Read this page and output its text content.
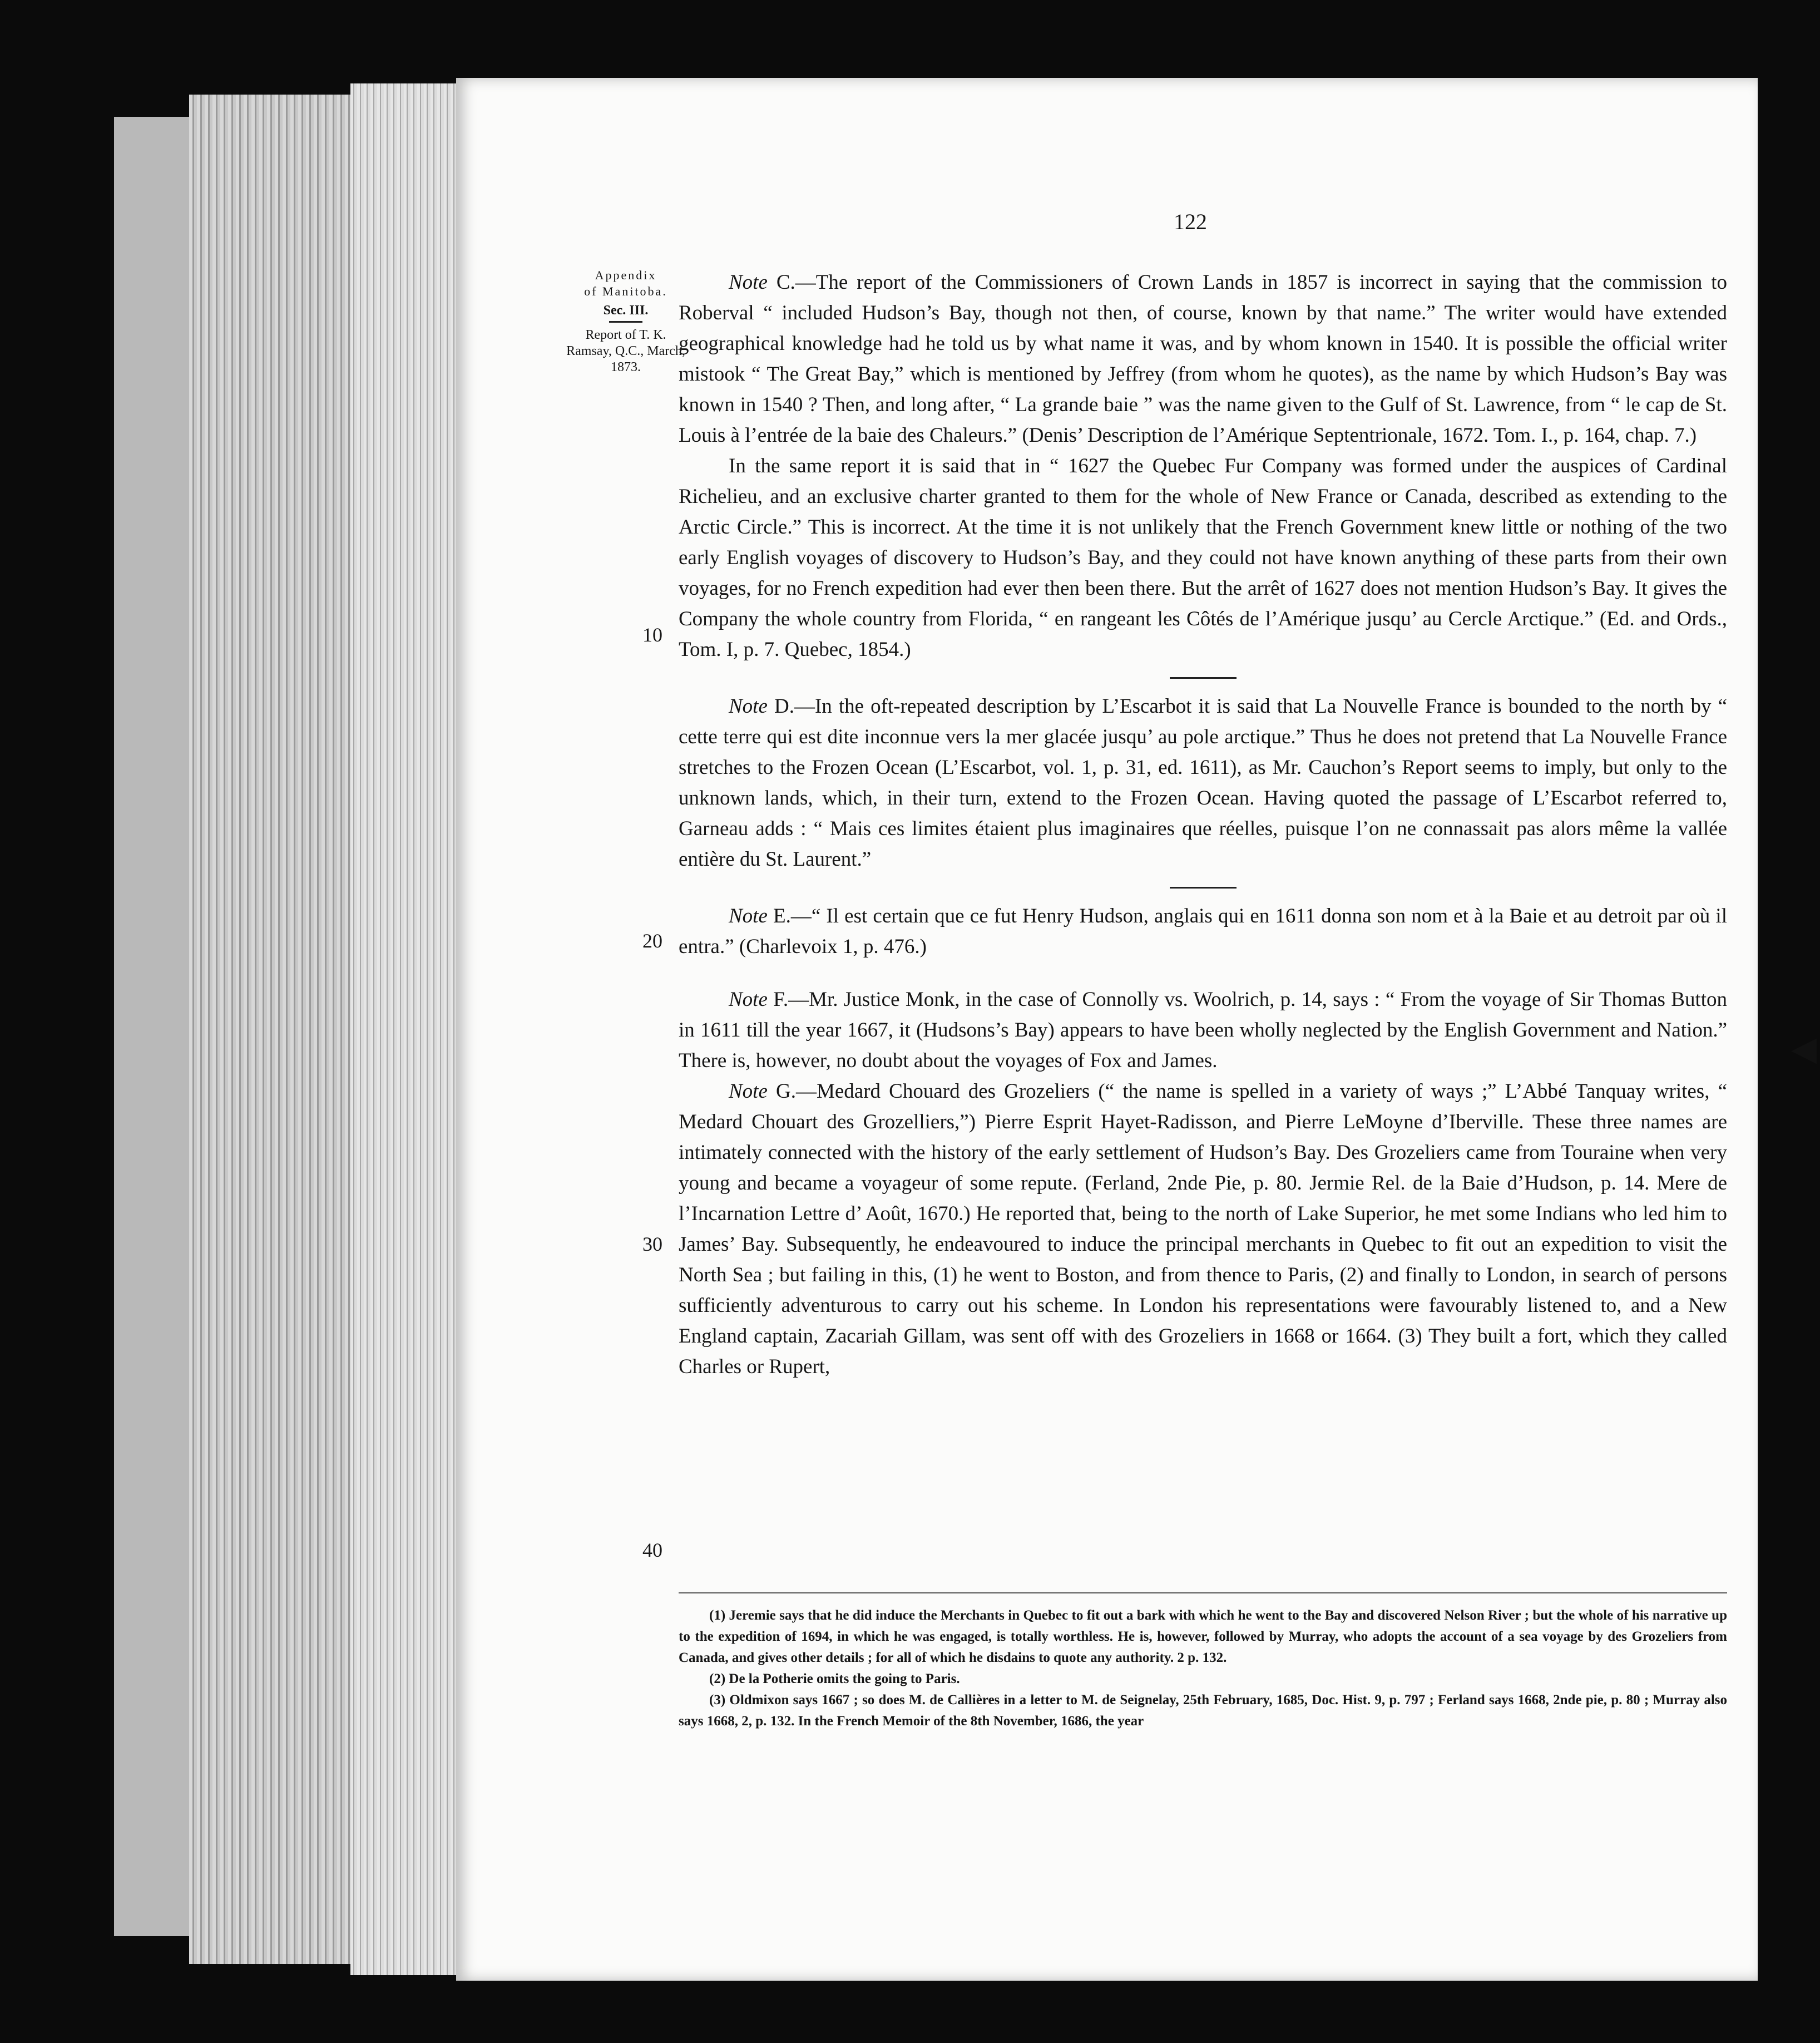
122
Appendix
of Manitoba.
Sec. III.
Report of T. K. Ramsay, Q.C., March, 1873.
10
20
30
40

Note C.—The report of the Commissioners of Crown Lands in 1857 is incorrect in saying that the commission to Roberval “ included Hudson’s Bay, though not then, of course, known by that name.” The writer would have extended geographical knowledge had he told us by what name it was, and by whom known in 1540. It is possible the official writer mistook “ The Great Bay,” which is mentioned by Jeffrey (from whom he quotes), as the name by which Hudson’s Bay was known in 1540 ? Then, and long after, “ La grande baie ” was the name given to the Gulf of St. Lawrence, from “ le cap de St. Louis à l’entrée de la baie des Chaleurs.” (Denis’ Description de l’Amérique Septentrionale, 1672. Tom. I., p. 164, chap. 7.)

In the same report it is said that in “ 1627 the Quebec Fur Company was formed under the auspices of Cardinal Richelieu, and an exclusive charter granted to them for the whole of New France or Canada, described as extending to the Arctic Circle.” This is incorrect. At the time it is not unlikely that the French Government knew little or nothing of the two early English voyages of discovery to Hudson’s Bay, and they could not have known anything of these parts from their own voyages, for no French expedition had ever then been there. But the arrêt of 1627 does not mention Hudson’s Bay. It gives the Company the whole country from Florida, “ en rangeant les Côtés de l’Amérique jusqu’ au Cercle Arctique.” (Ed. and Ords., Tom. I, p. 7. Quebec, 1854.)

Note D.—In the oft-repeated description by L’Escarbot it is said that La Nouvelle France is bounded to the north by “ cette terre qui est dite inconnue vers la mer glacée jusqu’ au pole arctique.” Thus he does not pretend that La Nouvelle France stretches to the Frozen Ocean (L’Escarbot, vol. 1, p. 31, ed. 1611), as Mr. Cauchon’s Report seems to imply, but only to the unknown lands, which, in their turn, extend to the Frozen Ocean. Having quoted the passage of L’Escarbot referred to, Garneau adds : “ Mais ces limites étaient plus imaginaires que réelles, puisque l’on ne connassait pas alors même la vallée entière du St. Laurent.”

Note E.—“ Il est certain que ce fut Henry Hudson, anglais qui en 1611 donna son nom et à la Baie et au detroit par où il entra.” (Charlevoix 1, p. 476.)

Note F.—Mr. Justice Monk, in the case of Connolly vs. Woolrich, p. 14, says : “ From the voyage of Sir Thomas Button in 1611 till the year 1667, it (Hudsons’s Bay) appears to have been wholly neglected by the English Government and Nation.” There is, however, no doubt about the voyages of Fox and James.

Note G.—Medard Chouard des Grozeliers (“ the name is spelled in a variety of ways ;” L’Abbé Tanquay writes, “ Medard Chouart des Grozelliers,”) Pierre Esprit Hayet-Radisson, and Pierre LeMoyne d’Iberville. These three names are intimately connected with the history of the early settlement of Hudson’s Bay. Des Grozeliers came from Touraine when very young and became a voyageur of some repute. (Ferland, 2nde Pie, p. 80. Jermie Rel. de la Baie d’Hudson, p. 14. Mere de l’Incarnation Lettre d’ Août, 1670.) He reported that, being to the north of Lake Superior, he met some Indians who led him to James’ Bay. Subsequently, he endeavoured to induce the principal merchants in Quebec to fit out an expedition to visit the North Sea ; but failing in this, (1) he went to Boston, and from thence to Paris, (2) and finally to London, in search of persons sufficiently adventurous to carry out his scheme. In London his representations were favourably listened to, and a New England captain, Zacariah Gillam, was sent off with des Grozeliers in 1668 or 1664. (3) They built a fort, which they called Charles or Rupert,

(1) Jeremie says that he did induce the Merchants in Quebec to fit out a bark with which he went to the Bay and discovered Nelson River ; but the whole of his narrative up to the expedition of 1694, in which he was engaged, is totally worthless. He is, however, followed by Murray, who adopts the account of a sea voyage by des Grozeliers from Canada, and gives other details ; for all of which he disdains to quote any authority. 2 p. 132.

(2) De la Potherie omits the going to Paris.

(3) Oldmixon says 1667 ; so does M. de Callières in a letter to M. de Seignelay, 25th February, 1685, Doc. Hist. 9, p. 797 ; Ferland says 1668, 2nde pie, p. 80 ; Murray also says 1668, 2, p. 132. In the French Memoir of the 8th November, 1686, the year

◀
